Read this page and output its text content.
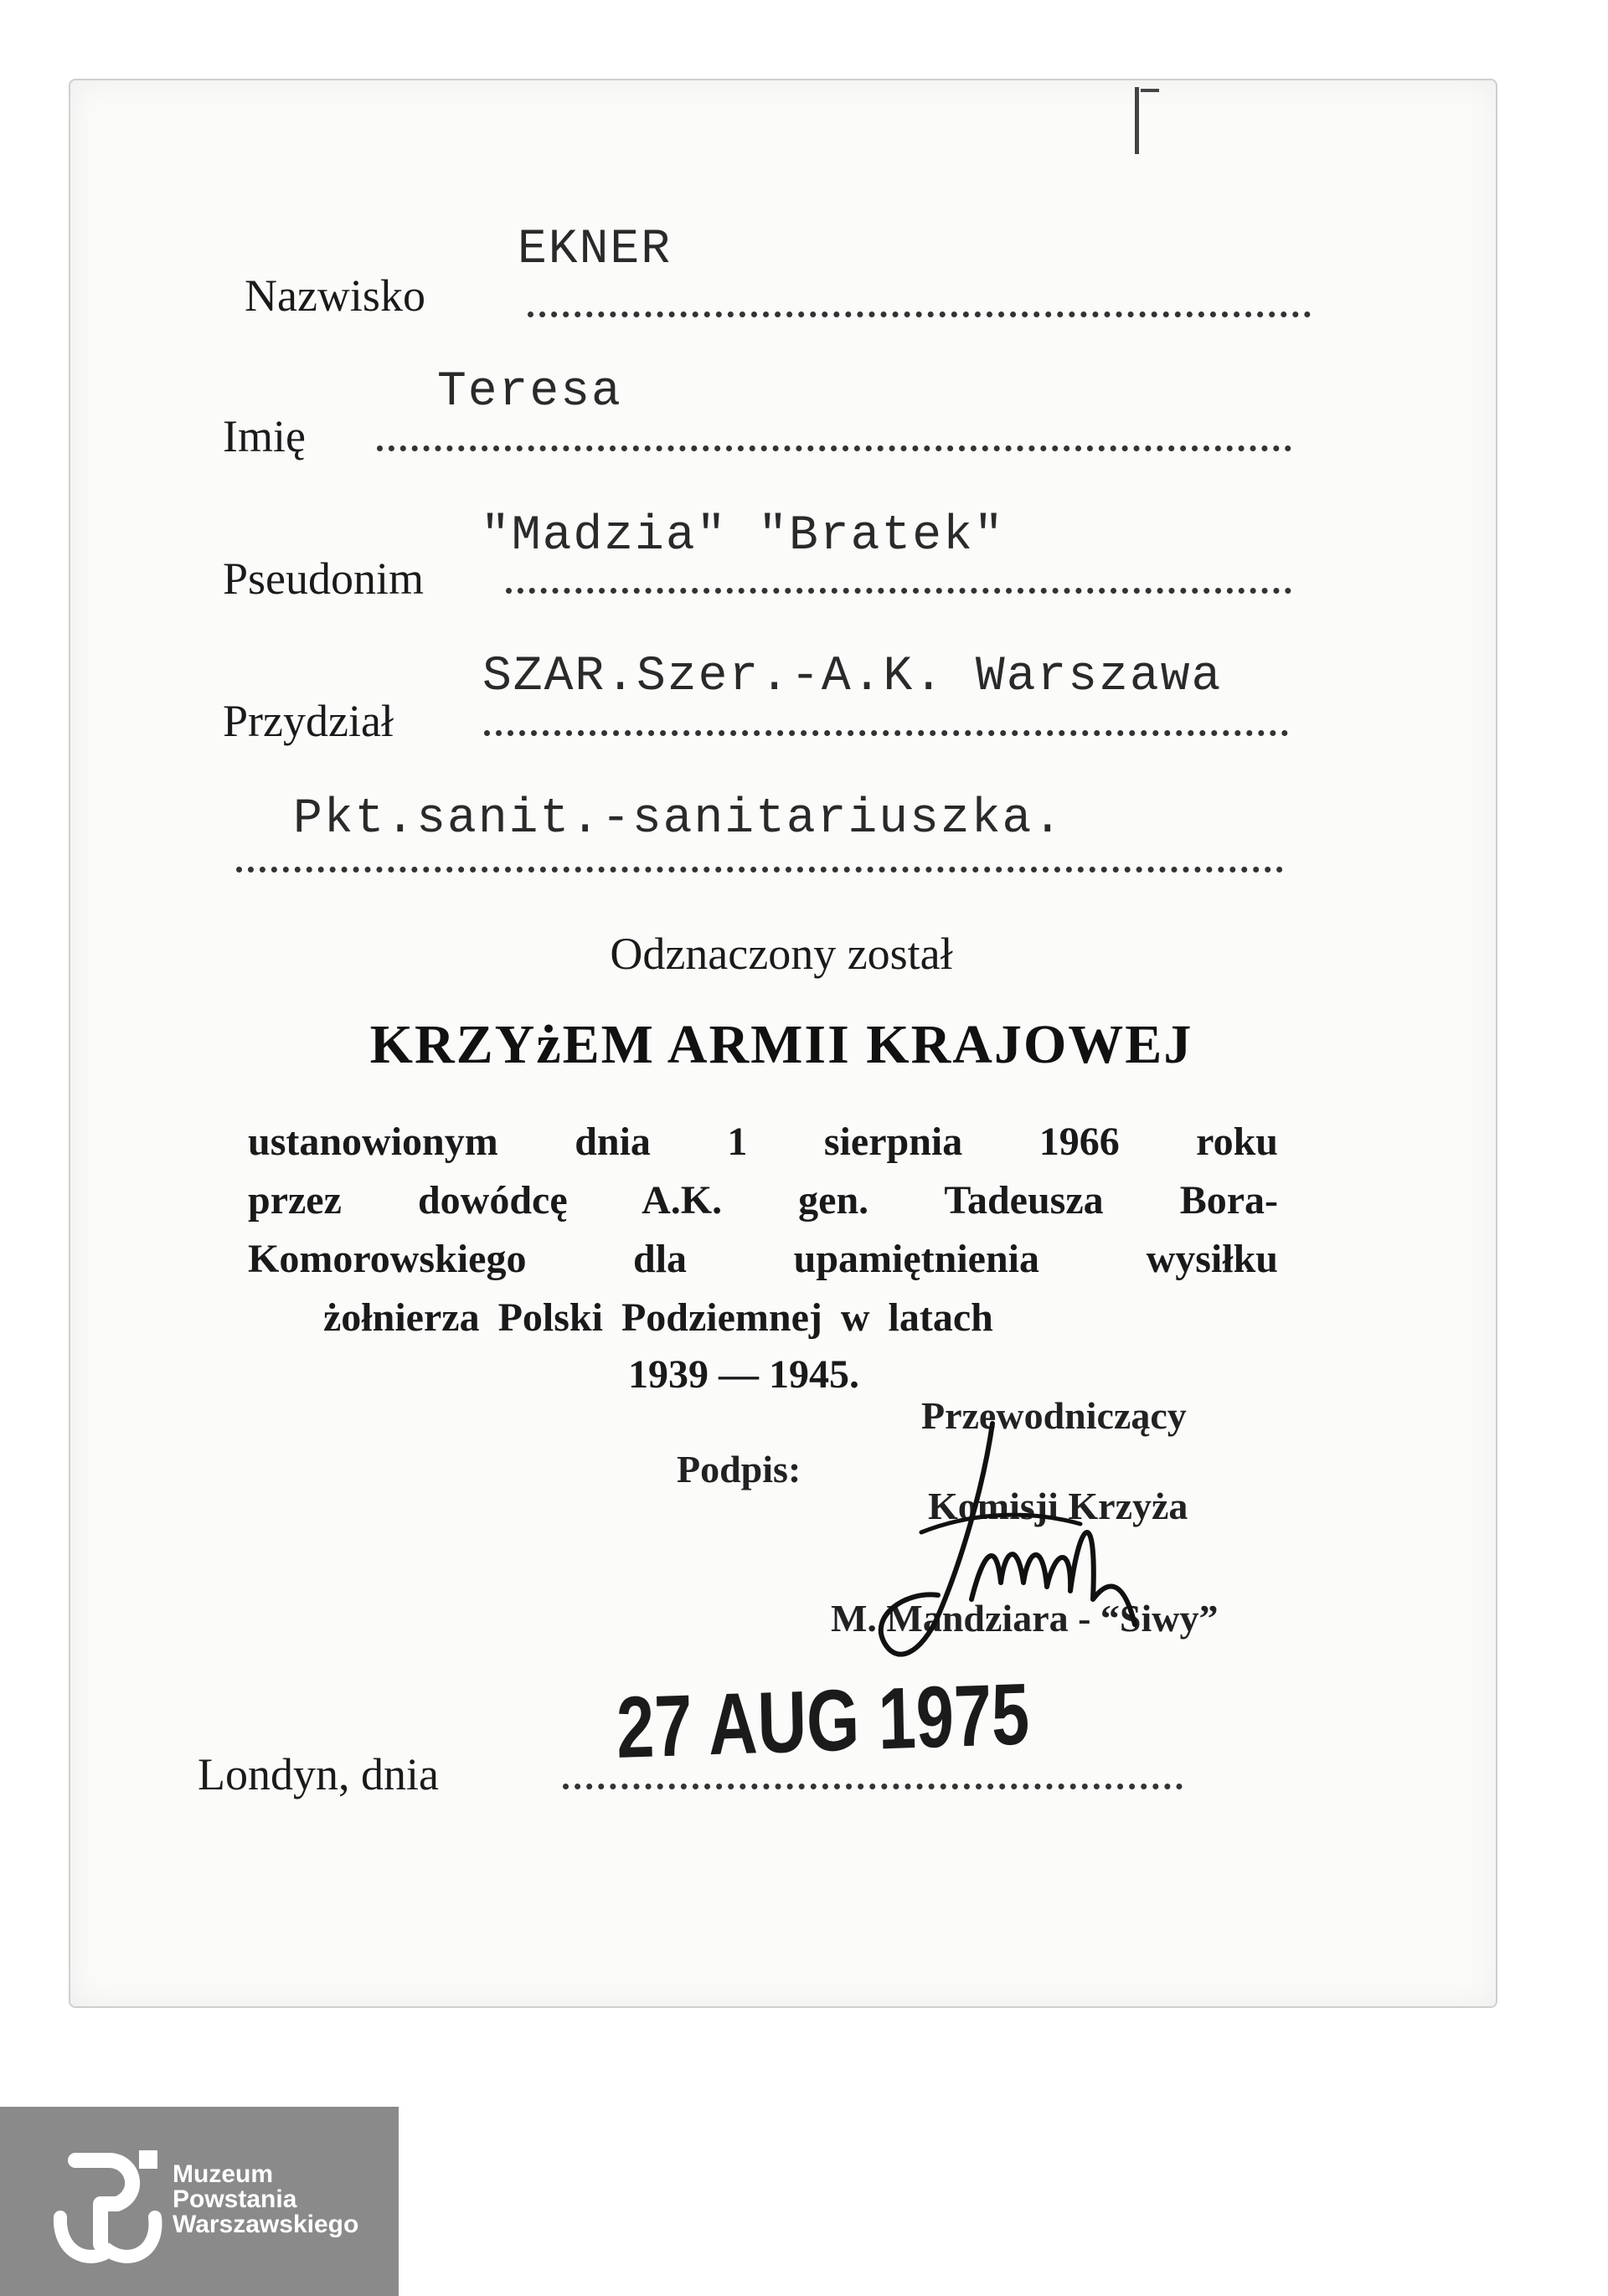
EKNER
Nazwisko
Teresa
Imię
"Madzia" "Bratek"
Pseudonim
SZAR.Szer.-A.K. Warszawa
Przydział
Pkt.sanit.-sanitariuszka.
Odznaczony został
KRZYżEM ARMII KRAJOWEJ
ustanowionym dnia 1 sierpnia 1966 roku
przez dowódcę A.K. gen. Tadeusza Bora-
Komorowskiego dla upamiętnienia wysiłku
żołnierza Polski Podziemnej w latach
1939 — 1945.
Przewodniczący
Podpis:
Komisji Krzyża
M. Mandziara - “Siwy”
Londyn, dnia 27 AUG 1975
Muzeum
Powstania
Warszawskiego
